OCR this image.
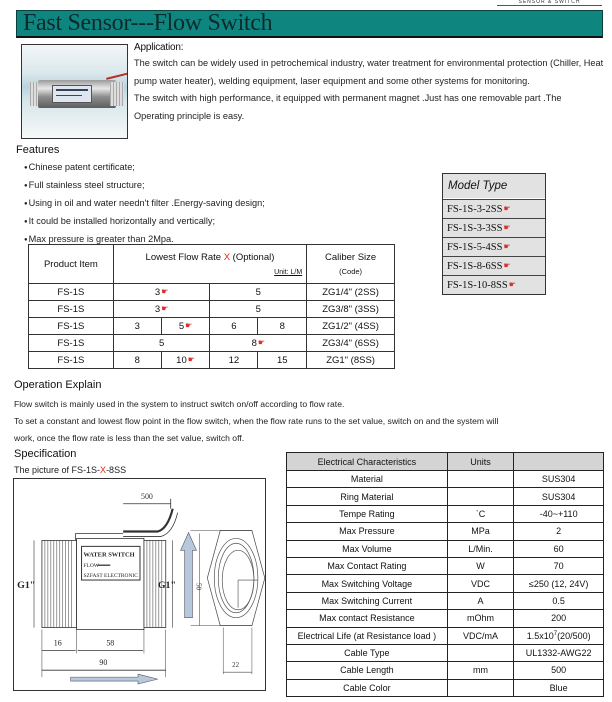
SENSOR & SWITCH
Fast Sensor---Flow Switch
Application:

The switch can be widely used in petrochemical industry, water treatment for environmental protection (Chiller, Heat pump water heater), welding equipment, laser equipment and some other systems for monitoring.

The switch with high performance, it equipped with permanent magnet .Just has one removable part .The Operating principle is easy.

Features
● Chinese patent certificate;
● Full stainless steel structure;
● Using in oil and water needn't filter .Energy-saving design;
● It could be installed horizontally and vertically;
● Max pressure is greater than 2Mpa.
Model Type
FS-1S-3-2SS☛
FS-1S-3-3SS☛
FS-1S-5-4SS☛
FS-1S-8-6SS☛
FS-1S-10-8SS☛
Product Item	Lowest Flow Rate X (Optional)
Unit: L/M				Caliber Size
(Code)

FS-1S	3☛		5		ZG1/4" (2SS)
FS-1S	3☛		5		ZG3/8" (3SS)
FS-1S	3	5☛	6	8	ZG1/2" (4SS)
FS-1S	5		8☛		ZG3/4" (6SS)
FS-1S	8	10☛	12	15	ZG1" (8SS)
Operation Explain

Flow switch is mainly used in the system to instruct switch on/off according to flow rate.

To set a constant and lowest flow point in the flow switch, when the flow rate runs to the set value, switch on and the system will

work, once the flow rate is less than the set value, switch off.

Specification
The picture of FS-1S-X-8SS
500
WATER SWITCH
FLOW
SZFAST ELECTRONIC
G1"	G1"
16	58
90
50
22
Electrical Characteristics	Units	
Material		SUS304
Ring Material		SUS304
Tempe Rating	ˋC	-40~+110
Max Pressure	MPa	2
Max Volume	L/Min.	60
Max Contact Rating	W	70
Max Switching Voltage	VDC	≤250 (12, 24V)
Max Switching Current	A	0.5
Max contact Resistance	mOhm	200
Electrical Life (at Resistance load )	VDC/mA	$1.5x10^7(20/500)$
Cable Type		UL1332-AWG22
Cable Length	mm	500
Cable Color		Blue
